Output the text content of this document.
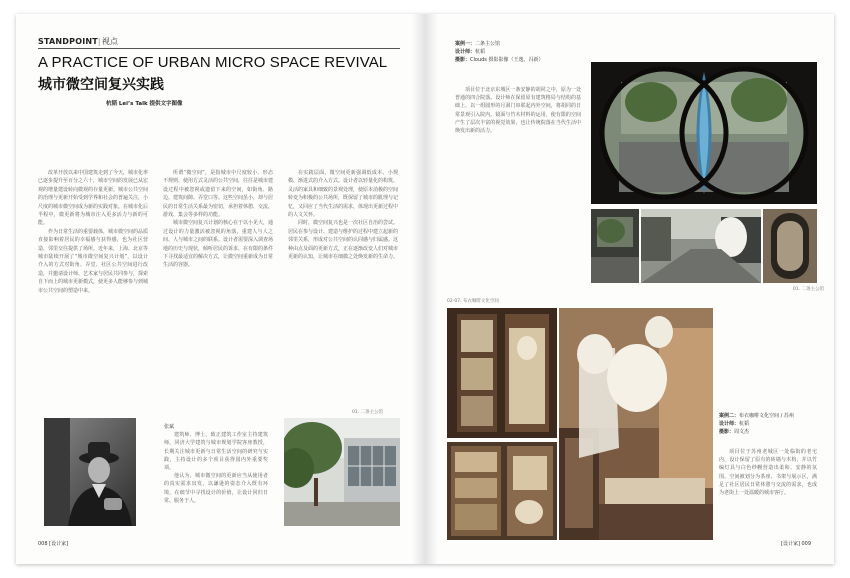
STANDPOINT|视点
A PRACTICE OF URBAN MICRO SPACE REVIVAL
城市微空间复兴实践
杭韬 Lei’s Talk 提供文字图像

改革开放以来中国建筑走到了今天，城市化率已逐步提升至百分之六十，城市空间的发展已从宏观的增量建设转向微观的存量更新。城市公共空间的治理与更新开始受到学界和社会的普遍关注，小尺度的城市微空间成为新的实践对象，在城市化后半程中，微更新将为城市注入更多活力与新的可能。

作为日常生活的重要载体，城市微空间的品质直接影响着居民的幸福感与获得感，也为社区营造、邻里交往提供了场所。近年来，上海、北京等城市陆续开展了“城市微空间复兴计划”，以设计介入的方式对街角、弄堂、社区公共空间进行改造，并邀请设计师、艺术家与居民共同参与，探索自下而上的城市更新模式，使更多人能够参与到城市公共空间的塑造中来。

所谓“微空间”，是指城市中尺度较小、形态不规则、使用方式灵活的公共空间，往往是城市建设过程中被忽视或遗留下来的空间，如街角、路边、建筑间隙、弄堂口等。这些空间虽小，却与居民的日常生活关系最为密切，承担着休憩、交流、游戏、集会等多样的功能。

城市微空间复兴计划的核心在于以小见大，通过设计的力量激活被忽视的角落，重建人与人之间、人与城市之间的联系。设计者需要深入调查场地的历史与现状，倾听居民的诉求，在有限的条件下寻找最适宜的解决方式，让微空间重新成为日常生活的容器。

在实践层面，微空间更新强调低成本、小规模、渐进式的介入方式。设计者以轻量化的构筑、灵活的家具和细致的景观处理，使原本消极的空间转变为积极的公共场所，既保留了城市的肌理与记忆，又回应了当代生活的需求，体现出更新过程中的人文关怀。

同时，微空间复兴也是一次社区自治的尝试。居民在参与设计、建造与维护的过程中建立起新的邻里关系，形成对公共空间的认同感与归属感。这种由点及面的更新方式，正在逐渐改变人们对城市更新的认知，让城市在细微之处焕发新的生命力。

01. 二条主公馆

张斌

建筑师、博士、致正建筑工作室主持建筑师，同济大学建筑与城市规划学院客座教授，长期关注城市更新与日常生活空间的研究与实践，主持设计的多个项目获得国内外重要奖项。

他认为，城市微空间的更新应当从使用者的真实需求出发，以谦逊的姿态介入既有环境，在细节中寻找设计的价值，让设计回归日常、服务于人。

008 [设计家]
案例一：二条主公馆
设计师：杭韬
摄影：Clouds 摄影影像（王逸、冯新）

项目位于北京东城区一条安静的胡同之中，原为一处普通的四合院落。设计师在保留原有建筑格局与结构的基础上，以一组圆形的月洞门串联起内外空间，将胡同的日常景观引入院内。镜面与竹木材料的运用，使有限的空间产生了层次丰富的视觉效果，也让传统院落在当代生活中焕发出新的活力。

01. 二条主公馆
02-07. 布衣咖啡文化空间
案例二：布衣咖啡文化空间 / 苏州
设计师：杭韬
摄影：周文杰

项目位于苏州老城区一处临街的老宅内，设计保留了原有的砖墙与木构，并以竹编灯具与白色纱幔营造出柔和、安静的氛围。空间被划分为茶座、书架与展示区，满足了社区居民日常休憩与交流的需求，也成为老街上一处温暖的城市客厅。

[设计家] 009
